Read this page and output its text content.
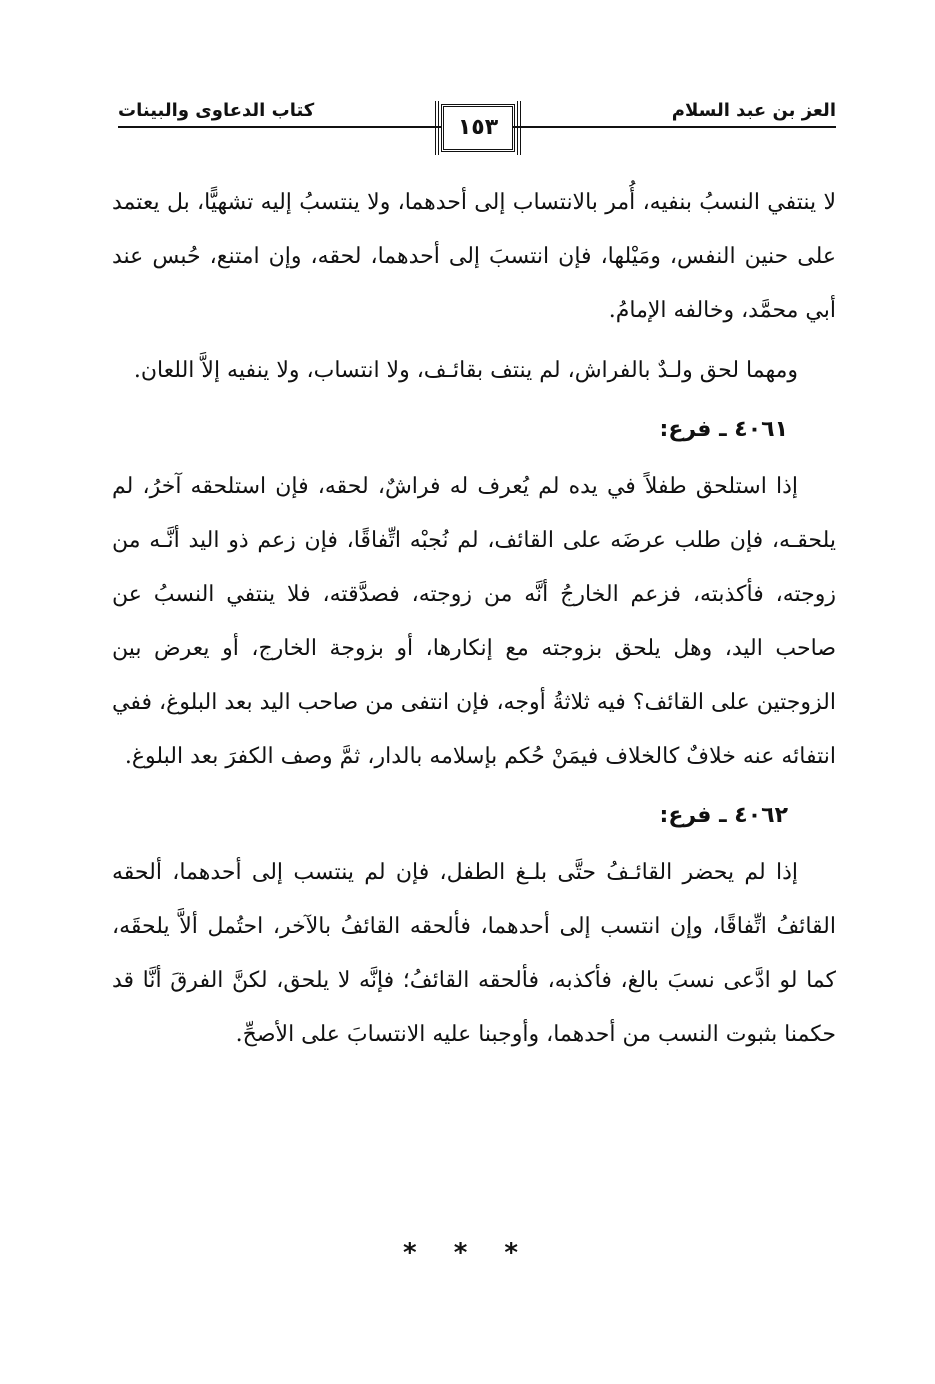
العز بن عبد السلام
كتاب الدعاوى والبينات
١٥٣

لا ينتفي النسبُ بنفيه، أُمر بالانتساب إلى أحدهما، ولا ينتسبُ إليه تشهيًّا، بل يعتمد على حنين النفس، ومَيْلها، فإن انتسبَ إلى أحدهما، لحقه، وإن امتنع، حُبس عند أبي محمَّد، وخالفه الإمامُ.

ومهما لحق ولـدٌ بالفراش، لم ينتف بقائـف، ولا انتساب، ولا ينفيه إلاَّ اللعان.

٤٠٦١ ـ فرع:

إذا استلحق طفلاً في يده لم يُعرف له فراشٌ، لحقه، فإن استلحقه آخرُ، لم يلحقـه، فإن طلب عرضَه على القائف، لم نُجبْه اتِّفاقًا، فإن زعم ذو اليد أنَّـه من زوجته، فأكذبته، فزعم الخارجُ أنَّه من زوجته، فصدَّقته، فلا ينتفي النسبُ عن صاحب اليد، وهل يلحق بزوجته مع إنكارها، أو بزوجة الخارج، أو يعرض بين الزوجتين على القائف؟ فيه ثلاثةُ أوجه، فإن انتفى من صاحب اليد بعد البلوغ، ففي انتفائه عنه خلافٌ كالخلاف فيمَنْ حُكم بإسلامه بالدار، ثمَّ وصف الكفرَ بعد البلوغ.

٤٠٦٢ ـ فرع:

إذا لم يحضر القائـفُ حتَّى بلـغ الطفل، فإن لم ينتسب إلى أحدهما، ألحقه القائفُ اتِّفاقًا، وإن انتسب إلى أحدهما، فألحقه القائفُ بالآخر، احتُمل ألاَّ يلحقَه، كما لو ادَّعى نسبَ بالغ، فأكذبه، فألحقه القائفُ؛ فإنَّه لا يلحق، لكنَّ الفرقَ أنَّا قد حكمنا بثبوت النسب من أحدهما، وأوجبنا عليه الانتسابَ على الأصحِّ.

* * *
